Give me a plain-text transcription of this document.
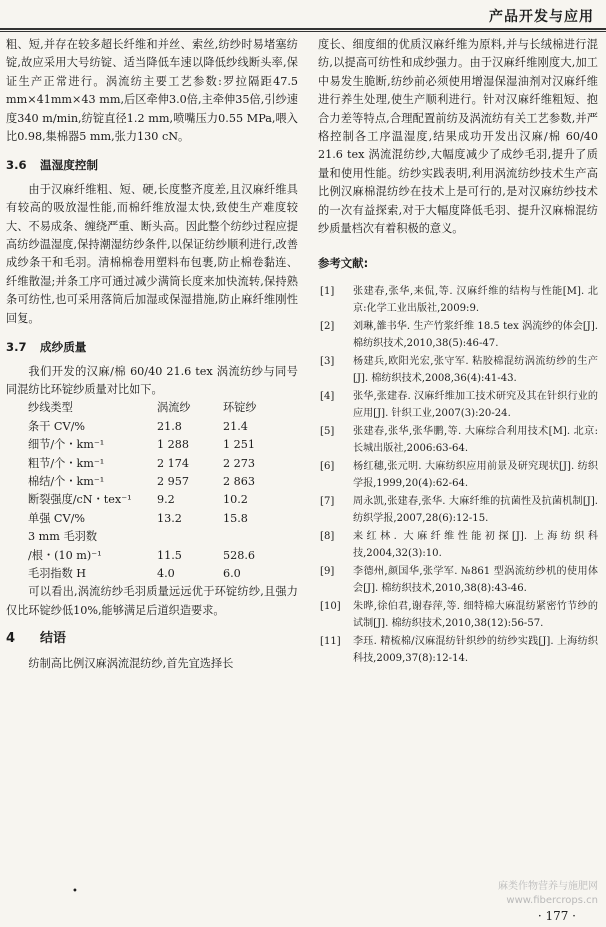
产品开发与应用

粗、短,并存在较多超长纤维和并丝、索丝,纺纱时易堵塞纺锭,故应采用大号纺锭、适当降低车速以降低纱线断头率,保证生产正常进行。涡流纺主要工艺参数:罗拉隔距47.5 mm×41mm×43 mm,后区牵伸3.0倍,主牵伸35倍,引纱速度340 m/min,纺锭直径1.2 mm,喷嘴压力0.55 MPa,喂入比0.98,集棉器5 mm,张力130 cN。

3.6 温湿度控制

由于汉麻纤维粗、短、硬,长度整齐度差,且汉麻纤维具有较高的吸放湿性能,而棉纤维放湿太快,致使生产难度较大、不易成条、缠绕严重、断头高。因此整个纺纱过程应提高纺纱温湿度,保持潮湿纺纱条件,以保证纺纱顺利进行,改善成纱条干和毛羽。清棉棉卷用塑料布包裹,防止棉卷黏连、纤维散湿;并条工序可通过减少满筒长度来加快流转,保持熟条可纺性,也可采用落筒后加湿或保湿措施,防止麻纤维刚性回复。

3.7 成纱质量

我们开发的汉麻/棉 60/40 21.6 tex 涡流纺纱与同号同混纺比环锭纱质量对比如下。

纱线类型	涡流纱	环锭纱
条干 CV/%	21.8	21.4
细节/个・km⁻¹	1 288	1 251
粗节/个・km⁻¹	2 174	2 273
棉结/个・km⁻¹	2 957	2 863
断裂强度/cN・tex⁻¹	9.2	10.2
单强 CV/%	13.2	15.8
3 mm 毛羽数		
/根・(10 m)⁻¹	11.5	528.6
毛羽指数 H	4.0	6.0

可以看出,涡流纺纱毛羽质量远远优于环锭纺纱,且强力仅比环锭纱低10%,能够满足后道织造要求。

4 结语

纺制高比例汉麻涡流混纺纱,首先宜选择长

度长、细度细的优质汉麻纤维为原料,并与长绒棉进行混纺,以提高可纺性和成纱强力。由于汉麻纤维刚度大,加工中易发生脆断,纺纱前必须使用增湿保湿油剂对汉麻纤维进行养生处理,使生产顺利进行。针对汉麻纤维粗短、抱合力差等特点,合理配置前纺及涡流纺有关工艺参数,并严格控制各工序温湿度,结果成功开发出汉麻/棉 60/40 21.6 tex 涡流混纺纱,大幅度减少了成纱毛羽,提升了质量和使用性能。纺纱实践表明,利用涡流纺纱技术生产高比例汉麻棉混纺纱在技术上是可行的,是对汉麻纺纱技术的一次有益探索,对于大幅度降低毛羽、提升汉麻棉混纺纱质量档次有着积极的意义。

参考文献:
[1]	张建春,张华,来侃,等. 汉麻纤维的结构与性能[M]. 北京:化学工业出版社,2009:9.
[2]	刘琳,雒书华. 生产竹浆纤维 18.5 tex 涡流纱的体会[J]. 棉纺织技术,2010,38(5):46-47.
[3]	杨建兵,欧阳光宏,张守军. 粘胶棉混纺涡流纺纱的生产[J]. 棉纺织技术,2008,36(4):41-43.
[4]	张华,张建春. 汉麻纤维加工技术研究及其在针织行业的应用[J]. 针织工业,2007(3):20-24.
[5]	张建春,张华,张华鹏,等. 大麻综合利用技术[M]. 北京:长城出版社,2006:63-64.
[6]	杨红穗,张元明. 大麻纺织应用前景及研究现状[J]. 纺织学报,1999,20(4):62-64.
[7]	周永凯,张建春,张华. 大麻纤维的抗菌性及抗菌机制[J]. 纺织学报,2007,28(6):12-15.
[8]	来红林. 大麻纤维性能初探[J]. 上海纺织科技,2004,32(3):10.
[9]	李德州,颜国华,张学军. №861 型涡流纺纱机的使用体会[J]. 棉纺织技术,2010,38(8):43-46.
[10]	朱晔,徐伯君,谢春萍,等. 细特棉大麻混纺紧密竹节纱的试制[J]. 棉纺织技术,2010,38(12):56-57.
[11]	李珏. 精梳棉/汉麻混纺针织纱的纺纱实践[J]. 上海纺织科技,2009,37(8):12-14.
•	麻类作物营养与施肥网
www.fibercrops.cn
· 177 ·
